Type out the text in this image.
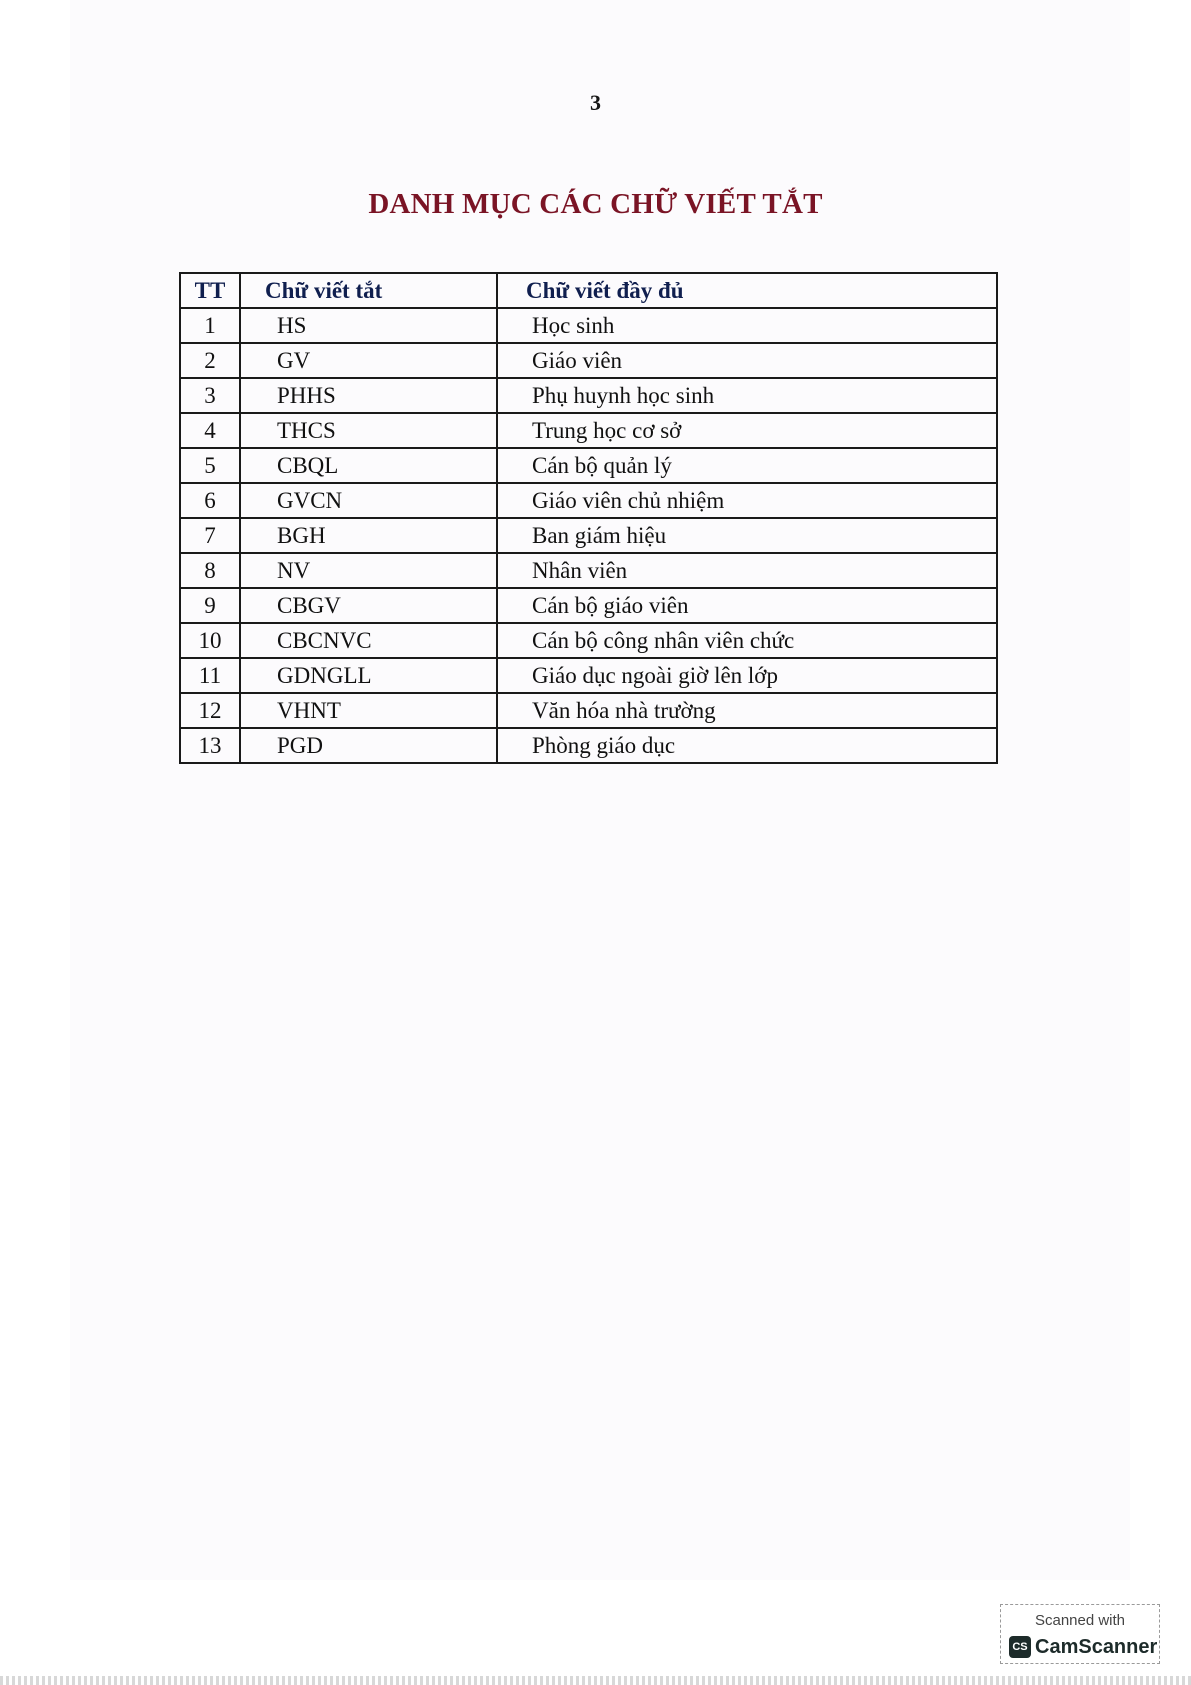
3
DANH MỤC CÁC CHỮ VIẾT TẮT
TT	Chữ viết tắt	Chữ viết đầy đủ
1	HS	Học sinh
2	GV	Giáo viên
3	PHHS	Phụ huynh học sinh
4	THCS	Trung học cơ sở
5	CBQL	Cán bộ quản lý
6	GVCN	Giáo viên chủ nhiệm
7	BGH	Ban giám hiệu
8	NV	Nhân viên
9	CBGV	Cán bộ giáo viên
10	CBCNVC	Cán bộ công nhân viên chức
11	GDNGLL	Giáo dục ngoài giờ lên lớp
12	VHNT	Văn hóa nhà trường
13	PGD	Phòng giáo dục
Scanned with
CS CamScanner
